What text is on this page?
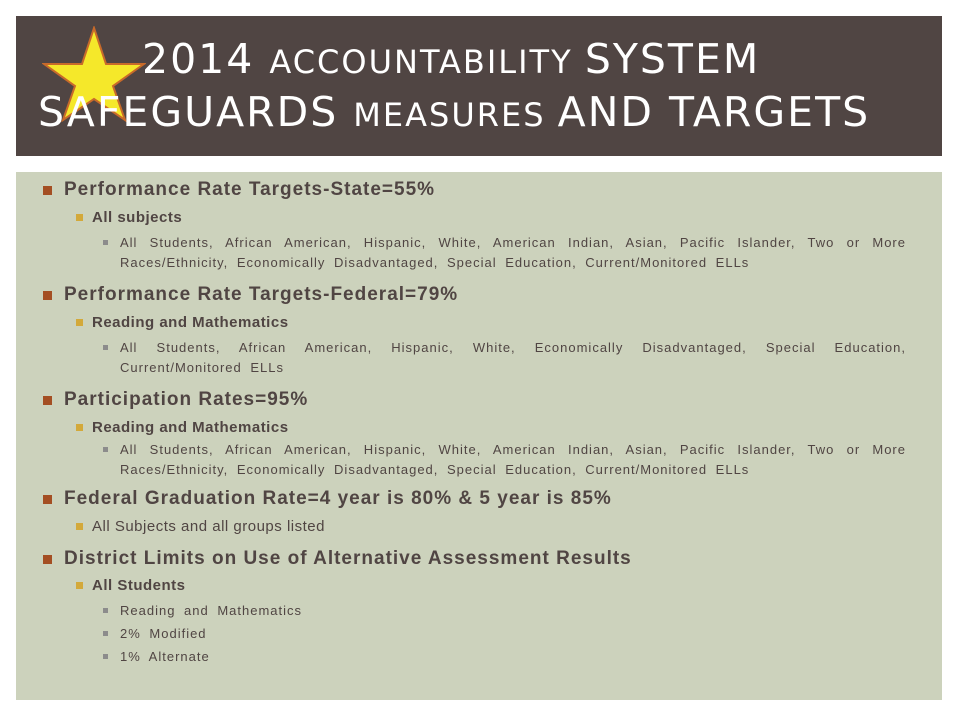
2014 ACCOUNTABILITY SYSTEM
SAFEGUARDS MEASURES AND TARGETS
Performance Rate Targets-State=55%
All subjects
All Students, African American, Hispanic, White, American Indian, Asian, Pacific Islander, Two or More Races/Ethnicity, Economically Disadvantaged, Special Education, Current/Monitored ELLs
Performance Rate Targets-Federal=79%
Reading and Mathematics
All Students, African American, Hispanic, White, Economically Disadvantaged, Special Education, Current/Monitored ELLs
Participation Rates=95%
Reading and Mathematics
All Students, African American, Hispanic, White, American Indian, Asian, Pacific Islander, Two or More Races/Ethnicity, Economically Disadvantaged, Special Education, Current/Monitored ELLs
Federal Graduation Rate=4 year is 80% & 5 year is 85%
All Subjects and all groups listed
District Limits on Use of Alternative Assessment Results
All Students
Reading and Mathematics
2% Modified
1% Alternate
